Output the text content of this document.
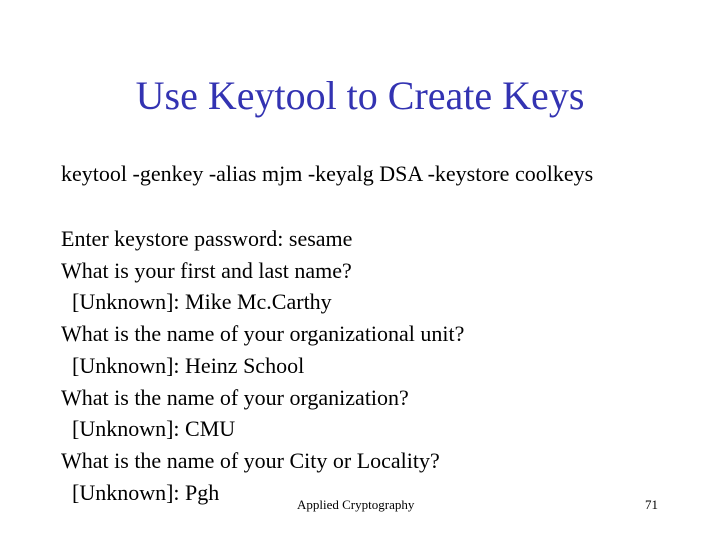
Use Keytool to Create Keys
keytool -genkey -alias mjm -keyalg DSA -keystore coolkeys
Enter keystore password: sesame
What is your first and last name?
[Unknown]: Mike Mc.Carthy
What is the name of your organizational unit?
[Unknown]: Heinz School
What is the name of your organization?
[Unknown]: CMU
What is the name of your City or Locality?
[Unknown]: Pgh	Applied Cryptography	71
